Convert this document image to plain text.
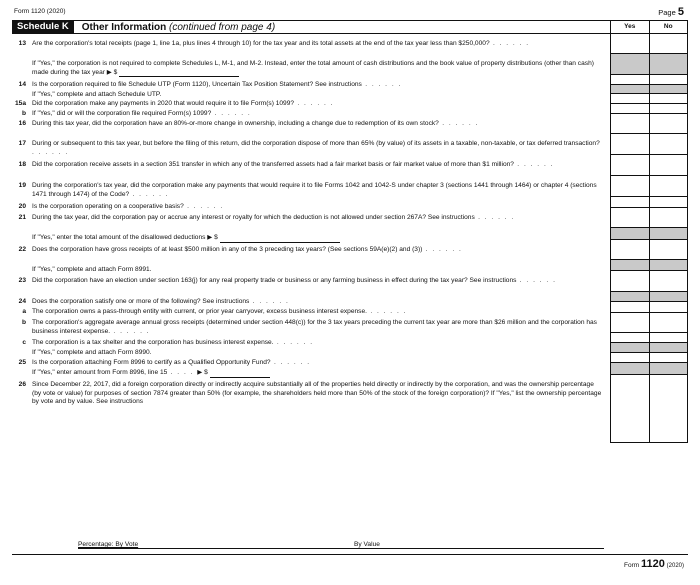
Form 1120 (2020)	Page 5
Schedule K	Other Information (continued from page 4)	Yes	No
13 Are the corporation's total receipts (page 1, line 1a, plus lines 4 through 10) for the tax year and its total assets at the end of the tax year less than $250,000? . . . . . .
If "Yes," the corporation is not required to complete Schedules L, M-1, and M-2. Instead, enter the total amount of cash distributions and the book value of property distributions (other than cash) made during the tax year ▶ $
14 Is the corporation required to file Schedule UTP (Form 1120), Uncertain Tax Position Statement? See instructions . . . . . .
If "Yes," complete and attach Schedule UTP.
15a Did the corporation make any payments in 2020 that would require it to file Form(s) 1099? . . . . . .
b If "Yes," did or will the corporation file required Form(s) 1099? . . . . . .
16 During this tax year, did the corporation have an 80%-or-more change in ownership, including a change due to redemption of its own stock? . . . . . .
17 During or subsequent to this tax year, but before the filing of this return, did the corporation dispose of more than 65% (by value) of its assets in a taxable, non-taxable, or tax deferred transaction? . . . . . .
18 Did the corporation receive assets in a section 351 transfer in which any of the transferred assets had a fair market basis or fair market value of more than $1 million? . . . . . .
19 During the corporation's tax year, did the corporation make any payments that would require it to file Forms 1042 and 1042-S under chapter 3 (sections 1441 through 1464) or chapter 4 (sections 1471 through 1474) of the Code? . . . . . .
20 Is the corporation operating on a cooperative basis? . . . . . .
21 During the tax year, did the corporation pay or accrue any interest or royalty for which the deduction is not allowed under section 267A? See instructions . . . . . .
If "Yes," enter the total amount of the disallowed deductions ▶ $
22 Does the corporation have gross receipts of at least $500 million in any of the 3 preceding tax years? (See sections 59A(e)(2) and (3)) . . . . . .
If "Yes," complete and attach Form 8991.
23 Did the corporation have an election under section 163(j) for any real property trade or business or any farming business in effect during the tax year? See instructions . . . . . .
24 Does the corporation satisfy one or more of the following? See instructions . . . . . .
a The corporation owns a pass-through entity with current, or prior year carryover, excess business interest expense. . . . . . .
b The corporation's aggregate average annual gross receipts (determined under section 448(c)) for the 3 tax years preceding the current tax year are more than $26 million and the corporation has business interest expense. . . . . . .
c The corporation is a tax shelter and the corporation has business interest expense. . . . . . .
If "Yes," complete and attach Form 8990.
25 Is the corporation attaching Form 8996 to certify as a Qualified Opportunity Fund? . . . . . .
If "Yes," enter amount from Form 8996, line 15 . . . . ▶ $
26 Since December 22, 2017, did a foreign corporation directly or indirectly acquire substantially all of the properties held directly or indirectly by the corporation, and was the ownership percentage (by vote or value) for purposes of section 7874 greater than 50% (for example, the shareholders held more than 50% of the stock of the foreign corporation)? If "Yes," list the ownership percentage by vote and by value. See instructions
Percentage: By Vote	By Value
Form 1120 (2020)
